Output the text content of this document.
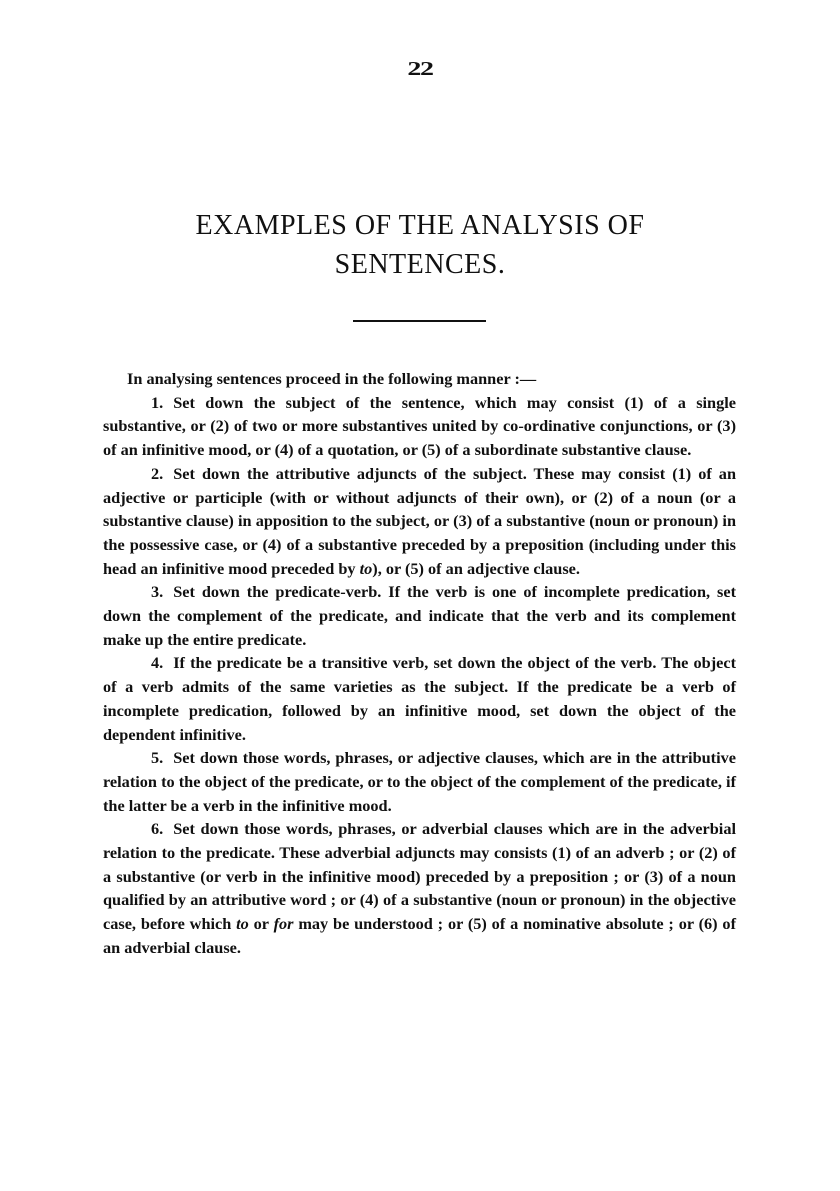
22
EXAMPLES OF THE ANALYSIS OF
SENTENCES.

In analysing sentences proceed in the following manner :—

1. Set down the subject of the sentence, which may consist (1) of a single substantive, or (2) of two or more substantives united by co-ordinative conjunctions, or (3) of an infinitive mood, or (4) of a quotation, or (5) of a subordinate substantive clause.

2. Set down the attributive adjuncts of the subject. These may consist (1) of an adjective or participle (with or without adjuncts of their own), or (2) of a noun (or a substantive clause) in apposition to the subject, or (3) of a substantive (noun or pronoun) in the possessive case, or (4) of a substantive preceded by a preposition (including under this head an infinitive mood preceded by to), or (5) of an adjective clause.

3. Set down the predicate-verb. If the verb is one of incomplete predication, set down the complement of the predicate, and indicate that the verb and its complement make up the entire predicate.

4. If the predicate be a transitive verb, set down the object of the verb. The object of a verb admits of the same varieties as the subject. If the predicate be a verb of incomplete predication, followed by an infinitive mood, set down the object of the dependent infinitive.

5. Set down those words, phrases, or adjective clauses, which are in the attributive relation to the object of the predicate, or to the object of the complement of the predicate, if the latter be a verb in the infinitive mood.

6. Set down those words, phrases, or adverbial clauses which are in the adverbial relation to the predicate. These adverbial adjuncts may consists (1) of an adverb ; or (2) of a substantive (or verb in the infinitive mood) preceded by a preposition ; or (3) of a noun qualified by an attributive word ; or (4) of a substantive (noun or pronoun) in the objective case, before which to or for may be understood ; or (5) of a nominative absolute ; or (6) of an adverbial clause.
